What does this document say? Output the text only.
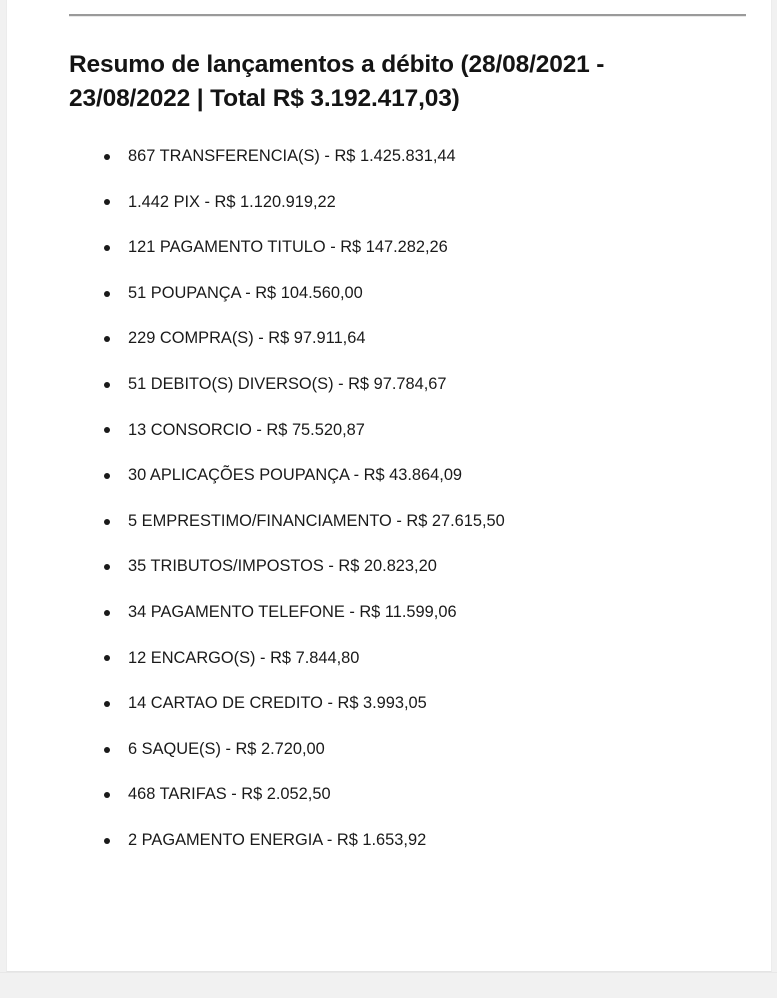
Resumo de lançamentos a débito (28/08/2021 - 23/08/2022 | Total R$ 3.192.417,03)
867 TRANSFERENCIA(S) - R$ 1.425.831,44
1.442 PIX - R$ 1.120.919,22
121 PAGAMENTO TITULO - R$ 147.282,26
51 POUPANÇA - R$ 104.560,00
229 COMPRA(S) - R$ 97.911,64
51 DEBITO(S) DIVERSO(S) - R$ 97.784,67
13 CONSORCIO - R$ 75.520,87
30 APLICAÇÕES POUPANÇA - R$ 43.864,09
5 EMPRESTIMO/FINANCIAMENTO - R$ 27.615,50
35 TRIBUTOS/IMPOSTOS - R$ 20.823,20
34 PAGAMENTO TELEFONE - R$ 11.599,06
12 ENCARGO(S) - R$ 7.844,80
14 CARTAO DE CREDITO - R$ 3.993,05
6 SAQUE(S) - R$ 2.720,00
468 TARIFAS - R$ 2.052,50
2 PAGAMENTO ENERGIA - R$ 1.653,92
